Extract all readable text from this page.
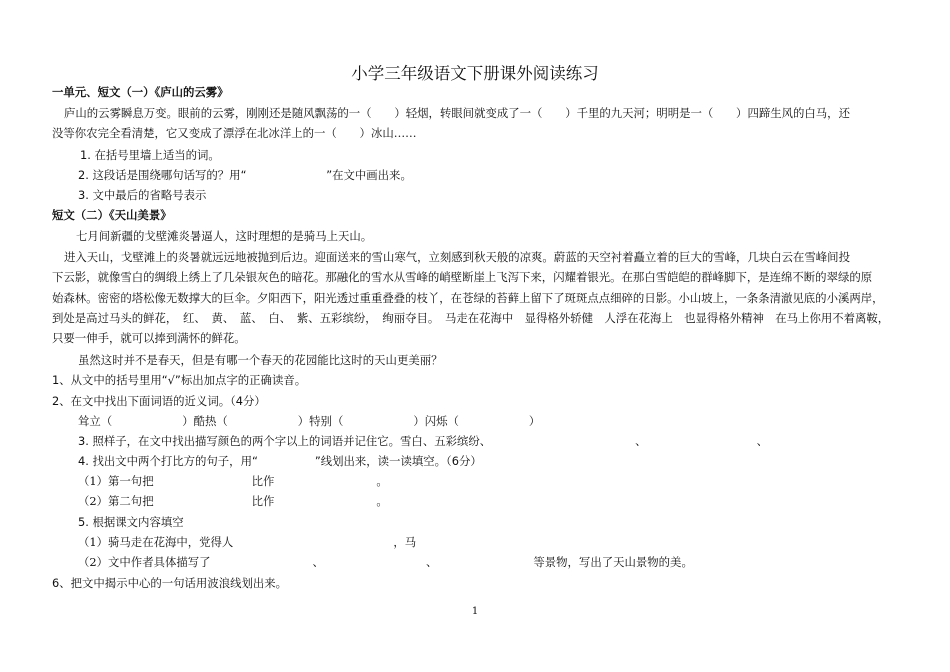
小学三年级语文下册课外阅读练习
一单元、短文（一）《庐山的云雾》
庐山的云雾瞬息万变。眼前的云雾，刚刚还是随风飘荡的一（　　）轻烟，转眼间就变成了一（　　）千里的九天河；明明是一（　　）四蹄生风的白马，还
没等你农完全看清楚，它又变成了漂浮在北冰洋上的一（　　）冰山……
1. 在括号里墙上适当的词。
2. 这段话是围绕哪句话写的？用“　　　　　　　”在文中画出来。
3. 文中最后的省略号表示
短文（二）《天山美景》
七月间新疆的戈壁滩炎暑逼人，这时理想的是骑马上天山。
进入天山，戈壁滩上的炎暑就远远地被抛到后边。迎面送来的雪山寒气，立刻感到秋天般的凉爽。蔚蓝的天空衬着矗立着的巨大的雪峰，几块白云在雪峰间投
下云影，就像雪白的绸缎上绣上了几朵银灰色的暗花。那融化的雪水从雪峰的峭壁断崖上飞泻下来，闪耀着银光。在那白雪皑皑的群峰脚下，是连绵不断的翠绿的原
始森林。密密的塔松像无数撑大的巨伞。夕阳西下，阳光透过重重叠叠的枝丫，在苍绿的苔藓上留下了斑斑点点细碎的日影。小山坡上，一条条清澈见底的小溪两岸，
到处是高过马头的鲜花，　红、　黄、　蓝、　白、　紫、五彩缤纷，　绚丽夺目。　马走在花海中　显得格外轿健　人浮在花海上　也显得格外精神　在马上你用不着离鞍，
只要一伸手，就可以捧到满怀的鲜花。
虽然这时并不是春天，但是有哪一个春天的花园能比这时的天山更美丽？
1、从文中的括号里用“√”标出加点字的正确读音。
2、在文中找出下面词语的近义词。（4分）
耸立（	）酷热（	）特别（	）闪烁（	）
3. 照样子，在文中找出描写颜色的两个字以上的词语并记住它。雪白、五彩缤纷、	、	、
4. 找出文中两个打比方的句子，用“　　　　　”线划出来，读一读填空。（6分）
（1）第一句把	比作	。
（2）第二句把	比作	。
5. 根据课文内容填空
（1）骑马走在花海中，党得人	，马
（2）文中作者具体描写了	、	、	等景物，写出了天山景物的美。
6、把文中揭示中心的一句话用波浪线划出来。
1
